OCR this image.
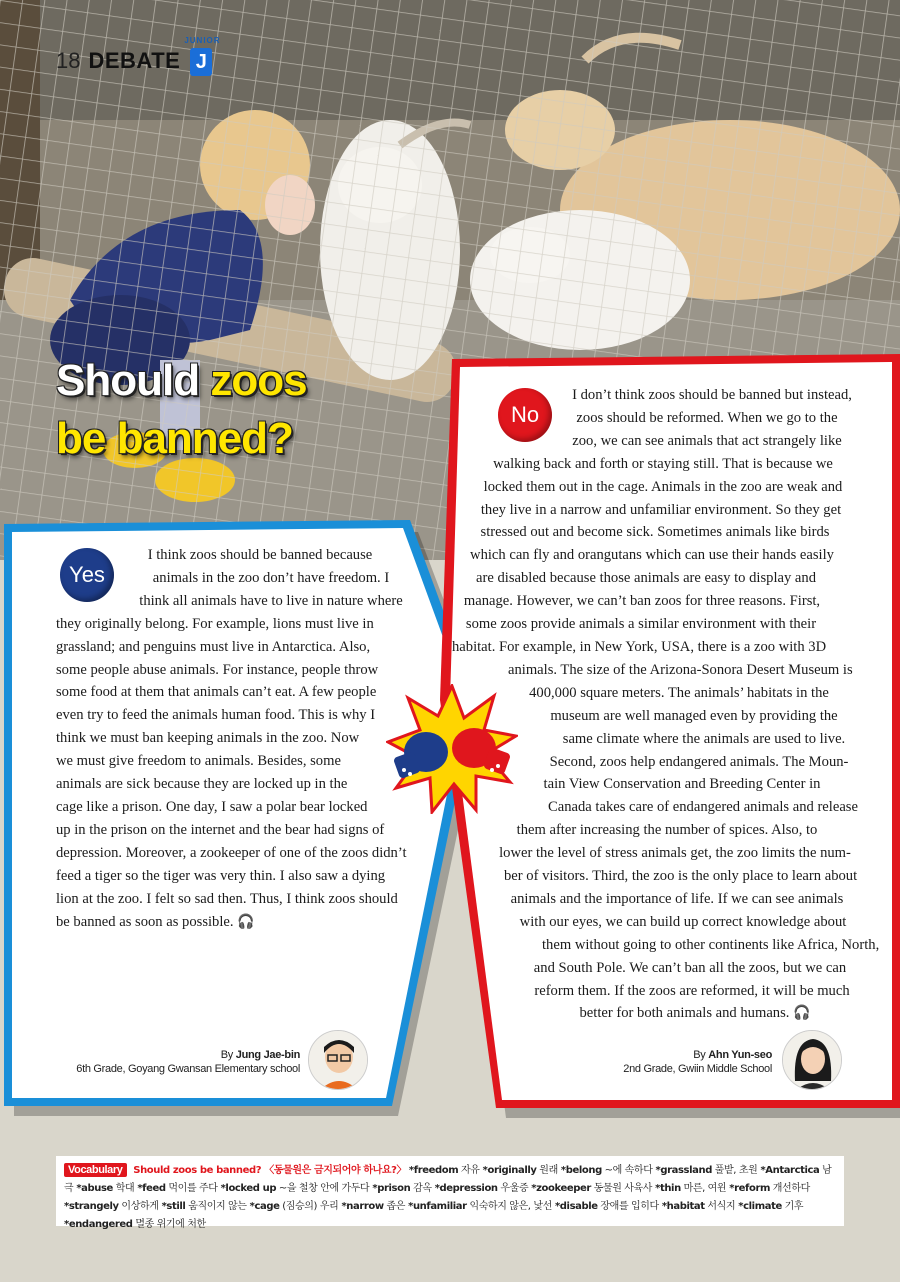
18 DEBATE
JUNIOR
J
Should zoos
be banned?
Yes
No

I think zoos should be banned because

animals in the zoo don’t have freedom. I

think all animals have to live in nature where

they originally belong. For example, lions must live in

grassland; and penguins must live in Antarctica. Also,

some people abuse animals. For instance, people throw

some food at them that animals can’t eat. A few people

even try to feed the animals human food. This is why I

think we must ban keeping animals in the zoo. Now

we must give freedom to animals. Besides, some

animals are sick because they are locked up in the

cage like a prison. One day, I saw a polar bear locked

up in the prison on the internet and the bear had signs of

depression. Moreover, a zookeeper of one of the zoos didn’t

feed a tiger so the tiger was very thin. I also saw a dying

lion at the zoo. I felt so sad then. Thus, I think zoos should

be banned as soon as possible. 🎧

I don’t think zoos should be banned but instead,

zoos should be reformed. When we go to the

zoo, we can see animals that act strangely like

walking back and forth or staying still. That is because we

locked them out in the cage. Animals in the zoo are weak and

they live in a narrow and unfamiliar environment. So they get

stressed out and become sick. Sometimes animals like birds

which can fly and orangutans which can use their hands easily

are disabled because those animals are easy to display and

manage. However, we can’t ban zoos for three reasons. First,

some zoos provide animals a similar environment with their

habitat. For example, in New York, USA, there is a zoo with 3D

animals. The size of the Arizona-Sonora Desert Museum is

400,000 square meters. The animals’ habitats in the

museum are well managed even by providing the

same climate where the animals are used to live.

Second, zoos help endangered animals. The Moun-

tain View Conservation and Breeding Center in

Canada takes care of endangered animals and release

them after increasing the number of spices. Also, to

lower the level of stress animals get, the zoo limits the num-

ber of visitors. Third, the zoo is the only place to learn about

animals and the importance of life. If we can see animals

with our eyes, we can build up correct knowledge about

them without going to other continents like Africa, North,

and South Pole. We can’t ban all the zoos, but we can

reform them. If the zoos are reformed, it will be much

better for both animals and humans. 🎧

By Jung Jae-bin
6th Grade, Goyang Gwansan Elementary school
By Ahn Yun-seo
2nd Grade, Gwiin Middle School
Vocabulary Should zoos be banned? 〈동물원은 금지되어야 하나요?〉 *freedom 자유 *originally 원래 *belong ~에 속하다 *grassland 풀밭, 초원 *Antarctica 남극 *abuse 학대 *feed 먹이를 주다 *locked up ~을 철창 안에 가두다 *prison 감옥 *depression 우울증 *zookeeper 동물원 사육사 *thin 마른, 여윈 *reform 개선하다 *strangely 이상하게 *still 움직이지 않는 *cage (짐승의) 우리 *narrow 좁은 *unfamiliar 익숙하지 않은, 낯선 *disable 장애를 입히다 *habitat 서식지 *climate 기후 *endangered 멸종 위기에 처한
